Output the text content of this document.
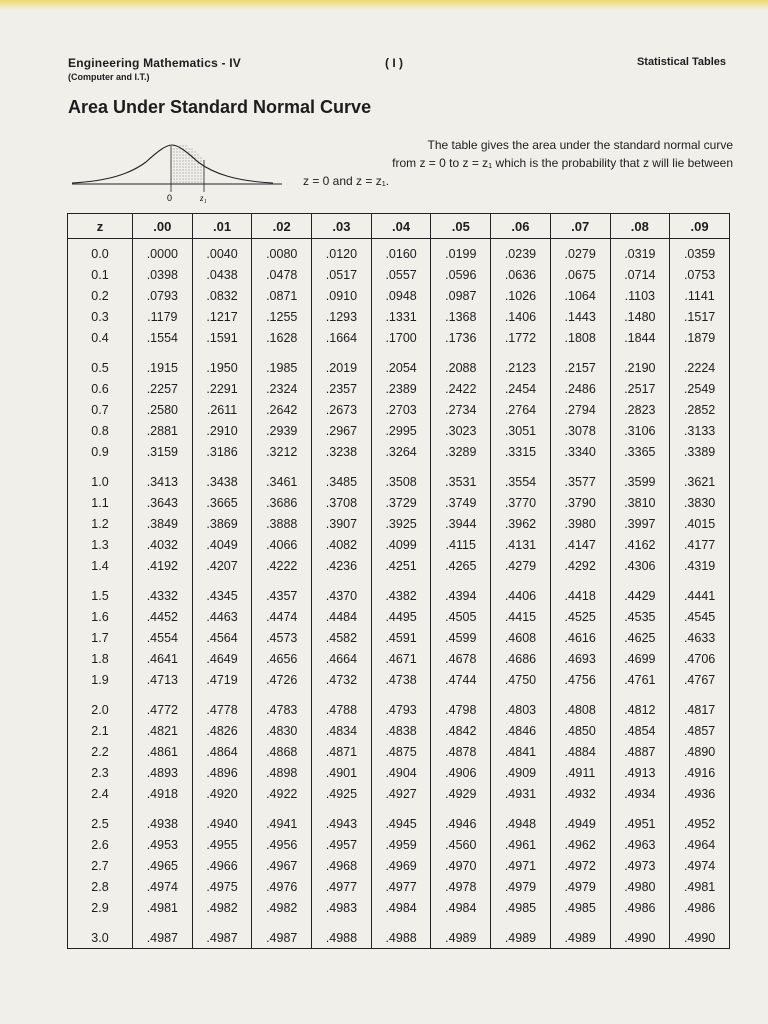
Engineering Mathematics - IV
(Computer and I.T.)
( I )	Statistical Tables
Area Under Standard Normal Curve
0	z₁
The table gives the area under the standard normal curve
from z = 0 to z = z₁ which is the probability that z will lie between
z = 0 and z = z₁.
z	.00	.01	.02	.03	.04	.05	.06	.07	.08	.09
0.0	.0000	.0040	.0080	.0120	.0160	.0199	.0239	.0279	.0319	.0359
0.1	.0398	.0438	.0478	.0517	.0557	.0596	.0636	.0675	.0714	.0753
0.2	.0793	.0832	.0871	.0910	.0948	.0987	.1026	.1064	.1103	.1141
0.3	.1179	.1217	.1255	.1293	.1331	.1368	.1406	.1443	.1480	.1517
0.4	.1554	.1591	.1628	.1664	.1700	.1736	.1772	.1808	.1844	.1879

0.5	.1915	.1950	.1985	.2019	.2054	.2088	.2123	.2157	.2190	.2224
0.6	.2257	.2291	.2324	.2357	.2389	.2422	.2454	.2486	.2517	.2549
0.7	.2580	.2611	.2642	.2673	.2703	.2734	.2764	.2794	.2823	.2852
0.8	.2881	.2910	.2939	.2967	.2995	.3023	.3051	.3078	.3106	.3133
0.9	.3159	.3186	.3212	.3238	.3264	.3289	.3315	.3340	.3365	.3389

1.0	.3413	.3438	.3461	.3485	.3508	.3531	.3554	.3577	.3599	.3621
1.1	.3643	.3665	.3686	.3708	.3729	.3749	.3770	.3790	.3810	.3830
1.2	.3849	.3869	.3888	.3907	.3925	.3944	.3962	.3980	.3997	.4015
1.3	.4032	.4049	.4066	.4082	.4099	.4115	.4131	.4147	.4162	.4177
1.4	.4192	.4207	.4222	.4236	.4251	.4265	.4279	.4292	.4306	.4319

1.5	.4332	.4345	.4357	.4370	.4382	.4394	.4406	.4418	.4429	.4441
1.6	.4452	.4463	.4474	.4484	.4495	.4505	.4415	.4525	.4535	.4545
1.7	.4554	.4564	.4573	.4582	.4591	.4599	.4608	.4616	.4625	.4633
1.8	.4641	.4649	.4656	.4664	.4671	.4678	.4686	.4693	.4699	.4706
1.9	.4713	.4719	.4726	.4732	.4738	.4744	.4750	.4756	.4761	.4767

2.0	.4772	.4778	.4783	.4788	.4793	.4798	.4803	.4808	.4812	.4817
2.1	.4821	.4826	.4830	.4834	.4838	.4842	.4846	.4850	.4854	.4857
2.2	.4861	.4864	.4868	.4871	.4875	.4878	.4841	.4884	.4887	.4890
2.3	.4893	.4896	.4898	.4901	.4904	.4906	.4909	.4911	.4913	.4916
2.4	.4918	.4920	.4922	.4925	.4927	.4929	.4931	.4932	.4934	.4936

2.5	.4938	.4940	.4941	.4943	.4945	.4946	.4948	.4949	.4951	.4952
2.6	.4953	.4955	.4956	.4957	.4959	.4560	.4961	.4962	.4963	.4964
2.7	.4965	.4966	.4967	.4968	.4969	.4970	.4971	.4972	.4973	.4974
2.8	.4974	.4975	.4976	.4977	.4977	.4978	.4979	.4979	.4980	.4981
2.9	.4981	.4982	.4982	.4983	.4984	.4984	.4985	.4985	.4986	.4986

3.0	.4987	.4987	.4987	.4988	.4988	.4989	.4989	.4989	.4990	.4990
